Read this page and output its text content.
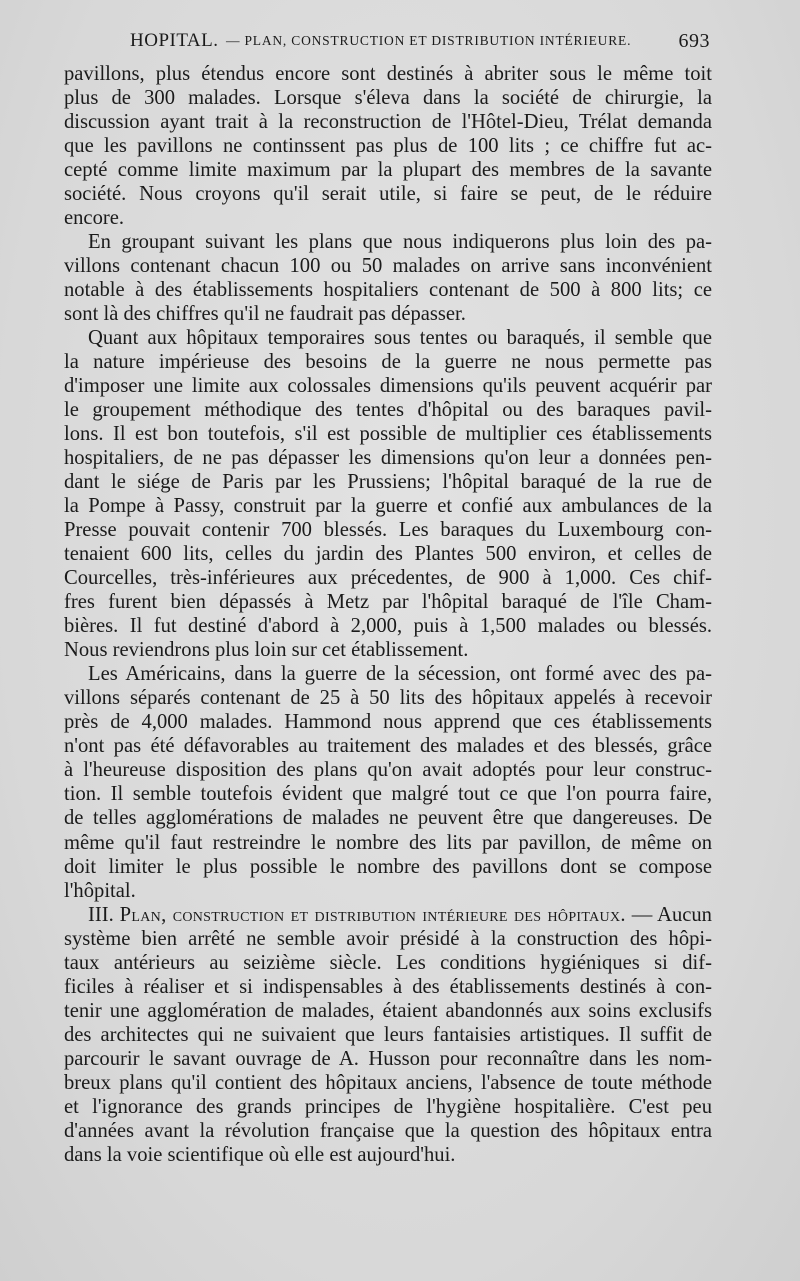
HOPITAL. — PLAN, CONSTRUCTION ET DISTRIBUTION INTÉRIEURE. 693
pavillons, plus étendus encore sont destinés à abriter sous le même toit
plus de 300 malades. Lorsque s'éleva dans la société de chirurgie, la
discussion ayant trait à la reconstruction de l'Hôtel-Dieu, Trélat demanda
que les pavillons ne continssent pas plus de 100 lits ; ce chiffre fut ac-
cepté comme limite maximum par la plupart des membres de la savante
société. Nous croyons qu'il serait utile, si faire se peut, de le réduire
encore.
En groupant suivant les plans que nous indiquerons plus loin des pa-
villons contenant chacun 100 ou 50 malades on arrive sans inconvénient
notable à des établissements hospitaliers contenant de 500 à 800 lits; ce
sont là des chiffres qu'il ne faudrait pas dépasser.
Quant aux hôpitaux temporaires sous tentes ou baraqués, il semble que
la nature impérieuse des besoins de la guerre ne nous permette pas
d'imposer une limite aux colossales dimensions qu'ils peuvent acquérir par
le groupement méthodique des tentes d'hôpital ou des baraques pavil-
lons. Il est bon toutefois, s'il est possible de multiplier ces établissements
hospitaliers, de ne pas dépasser les dimensions qu'on leur a données pen-
dant le siége de Paris par les Prussiens; l'hôpital baraqué de la rue de
la Pompe à Passy, construit par la guerre et confié aux ambulances de la
Presse pouvait contenir 700 blessés. Les baraques du Luxembourg con-
tenaient 600 lits, celles du jardin des Plantes 500 environ, et celles de
Courcelles, très-inférieures aux précedentes, de 900 à 1,000. Ces chif-
fres furent bien dépassés à Metz par l'hôpital baraqué de l'île Cham-
bières. Il fut destiné d'abord à 2,000, puis à 1,500 malades ou blessés.
Nous reviendrons plus loin sur cet établissement.
Les Américains, dans la guerre de la sécession, ont formé avec des pa-
villons séparés contenant de 25 à 50 lits des hôpitaux appelés à recevoir
près de 4,000 malades. Hammond nous apprend que ces établissements
n'ont pas été défavorables au traitement des malades et des blessés, grâce
à l'heureuse disposition des plans qu'on avait adoptés pour leur construc-
tion. Il semble toutefois évident que malgré tout ce que l'on pourra faire,
de telles agglomérations de malades ne peuvent être que dangereuses. De
même qu'il faut restreindre le nombre des lits par pavillon, de même on
doit limiter le plus possible le nombre des pavillons dont se compose
l'hôpital.
III. Plan, construction et distribution intérieure des hôpitaux. — Aucun
système bien arrêté ne semble avoir présidé à la construction des hôpi-
taux antérieurs au seizième siècle. Les conditions hygiéniques si dif-
ficiles à réaliser et si indispensables à des établissements destinés à con-
tenir une agglomération de malades, étaient abandonnés aux soins exclusifs
des architectes qui ne suivaient que leurs fantaisies artistiques. Il suffit de
parcourir le savant ouvrage de A. Husson pour reconnaître dans les nom-
breux plans qu'il contient des hôpitaux anciens, l'absence de toute méthode
et l'ignorance des grands principes de l'hygiène hospitalière. C'est peu
d'années avant la révolution française que la question des hôpitaux entra
dans la voie scientifique où elle est aujourd'hui.
